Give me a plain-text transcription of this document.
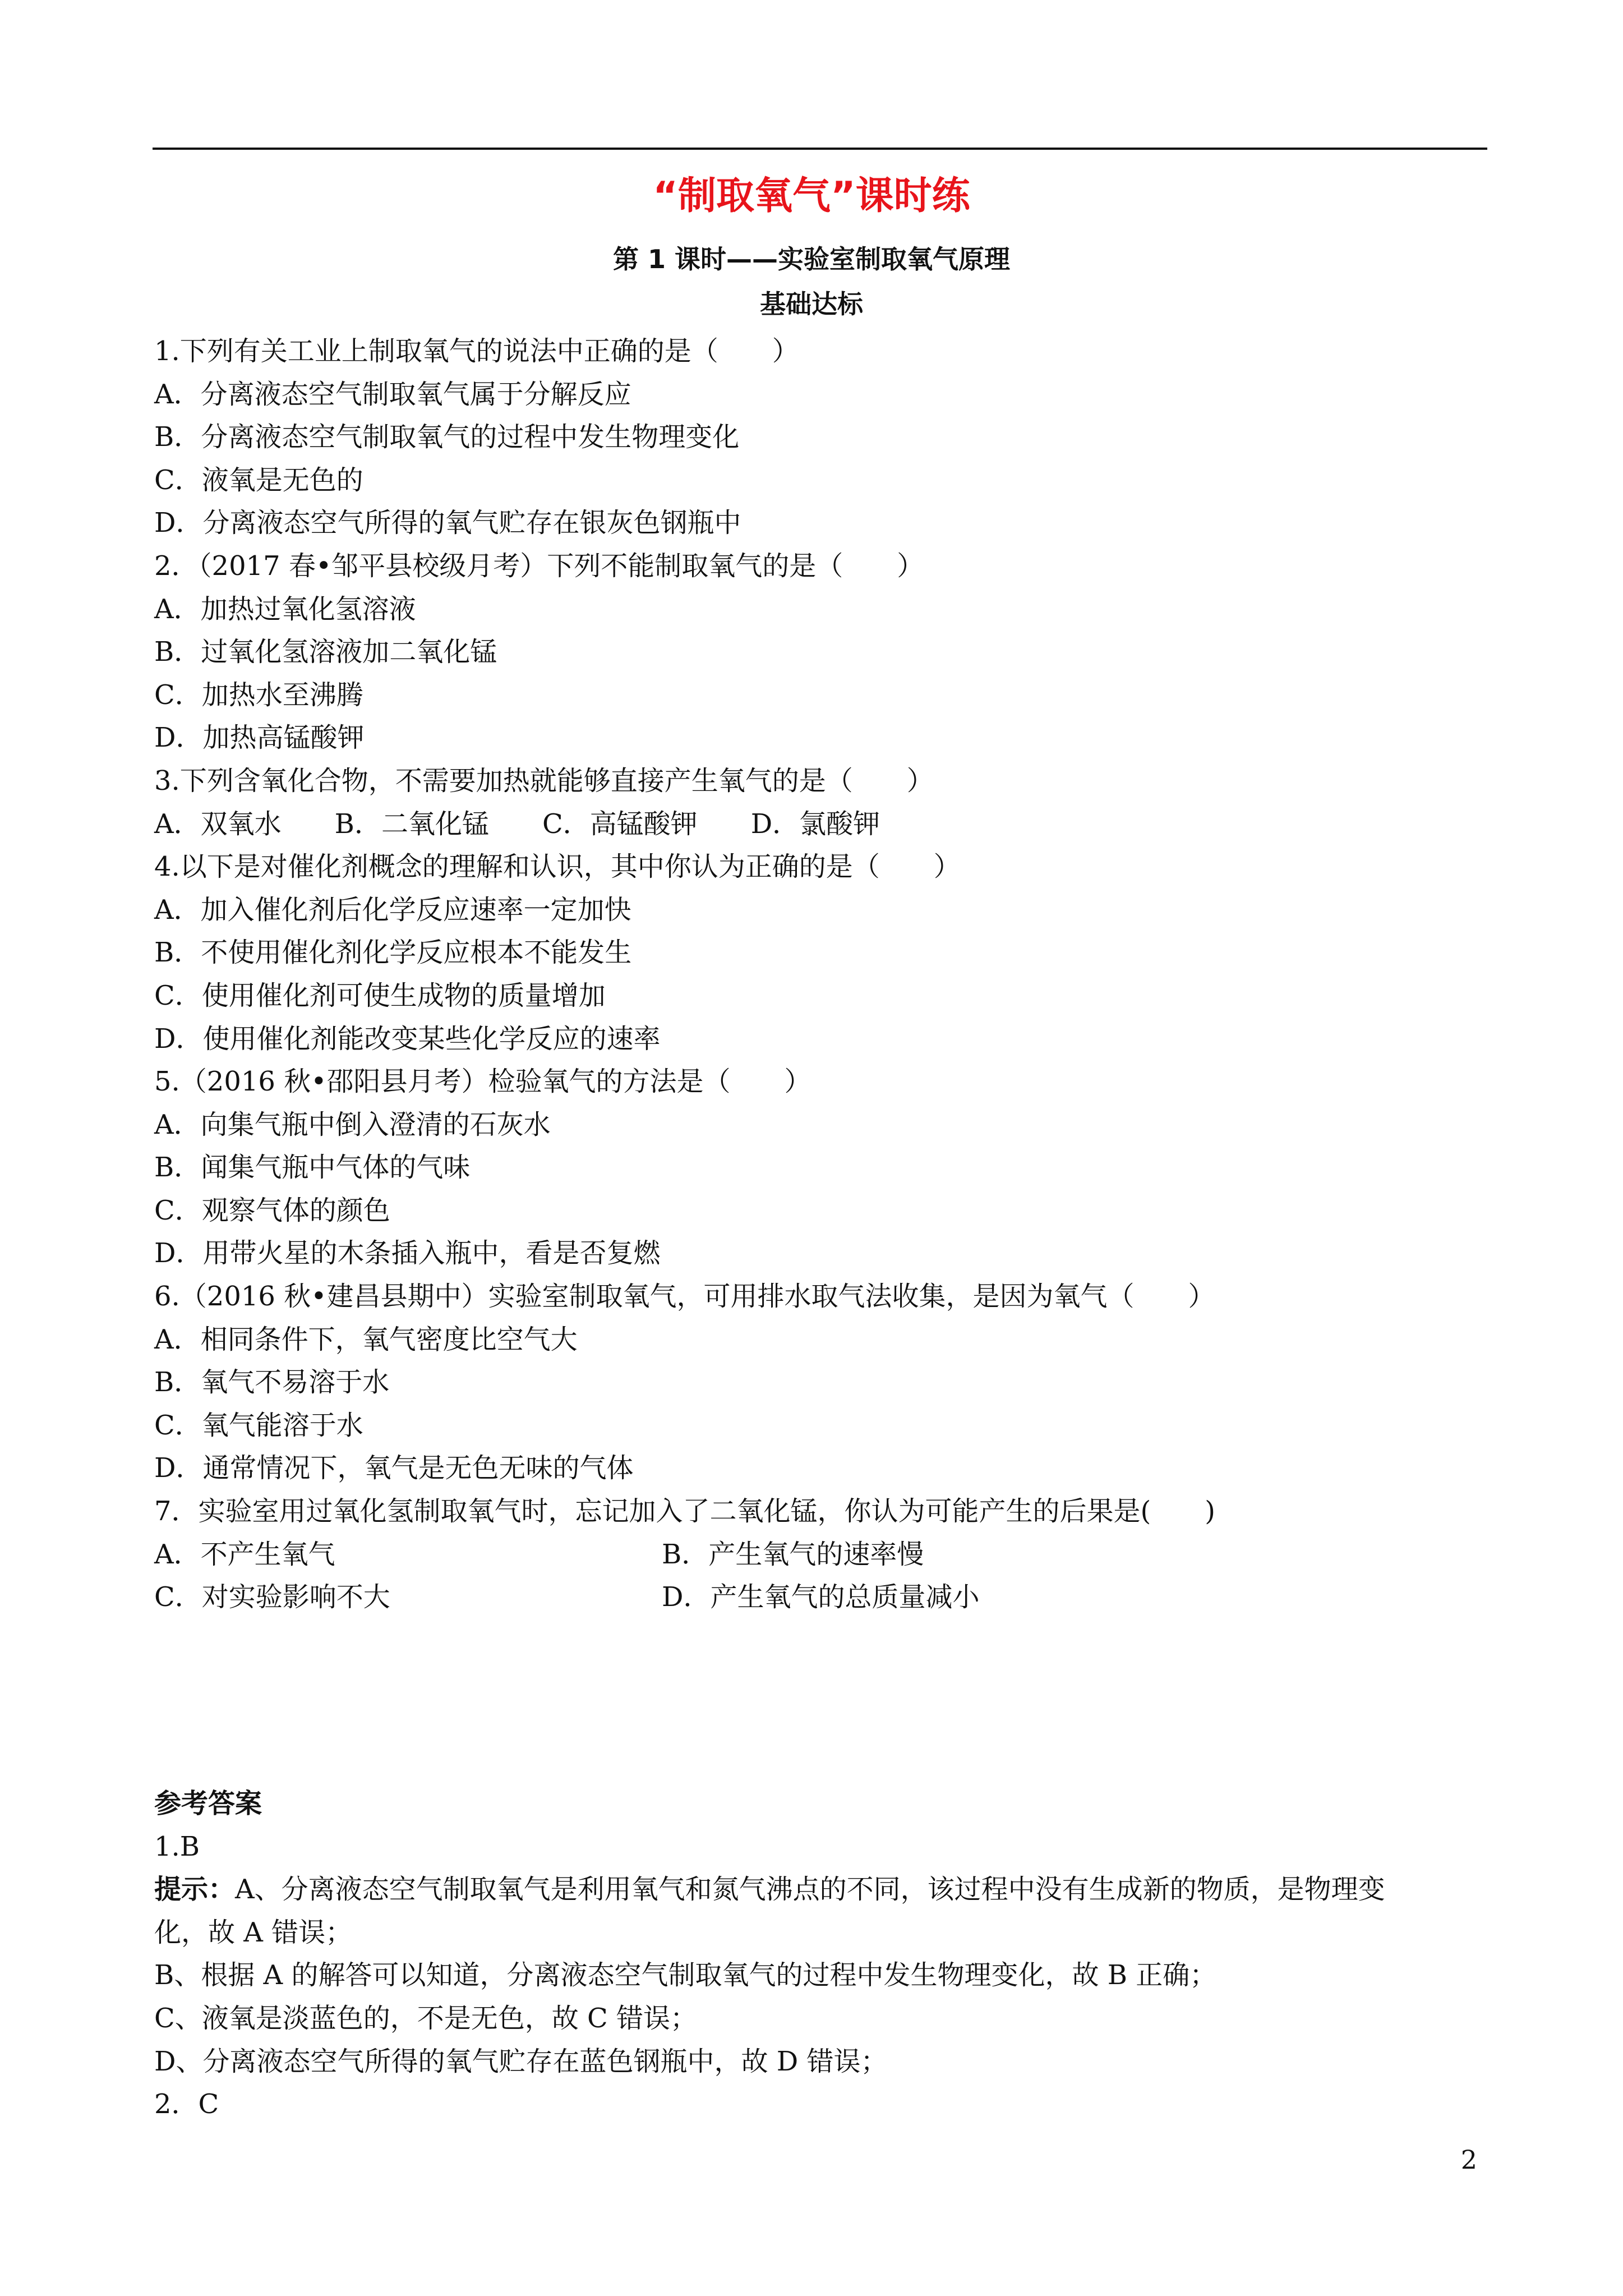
“制取氧气”课时练
第 1 课时——实验室制取氧气原理
基础达标
1.下列有关工业上制取氧气的说法中正确的是（　　）
A．分离液态空气制取氧气属于分解反应
B．分离液态空气制取氧气的过程中发生物理变化
C．液氧是无色的
D．分离液态空气所得的氧气贮存在银灰色钢瓶中
2．（2017 春•邹平县校级月考）下列不能制取氧气的是（　　）
A．加热过氧化氢溶液
B．过氧化氢溶液加二氧化锰
C．加热水至沸腾
D．加热高锰酸钾
3.下列含氧化合物，不需要加热就能够直接产生氧气的是（　　）
A．双氧水 B．二氧化锰 C．高锰酸钾 D．氯酸钾
4.以下是对催化剂概念的理解和认识，其中你认为正确的是（　　）
A．加入催化剂后化学反应速率一定加快
B．不使用催化剂化学反应根本不能发生
C．使用催化剂可使生成物的质量增加
D．使用催化剂能改变某些化学反应的速率
5.（2016 秋•邵阳县月考）检验氧气的方法是（　　）
A．向集气瓶中倒入澄清的石灰水
B．闻集气瓶中气体的气味
C．观察气体的颜色
D．用带火星的木条插入瓶中，看是否复燃
6.（2016 秋•建昌县期中）实验室制取氧气，可用排水取气法收集，是因为氧气（　　）
A．相同条件下，氧气密度比空气大
B．氧气不易溶于水
C．氧气能溶于水
D．通常情况下，氧气是无色无味的气体
7．实验室用过氧化氢制取氧气时，忘记加入了二氧化锰，你认为可能产生的后果是(　　)
A．不产生氧气	B．产生氧气的速率慢
C．对实验影响不大	D．产生氧气的总质量减小
参考答案
1.B
提示：A、分离液态空气制取氧气是利用氧气和氮气沸点的不同，该过程中没有生成新的物质，是物理变
化，故 A 错误；
B、根据 A 的解答可以知道，分离液态空气制取氧气的过程中发生物理变化，故 B 正确；
C、液氧是淡蓝色的，不是无色，故 C 错误；
D、分离液态空气所得的氧气贮存在蓝色钢瓶中，故 D 错误；
2．C
2
